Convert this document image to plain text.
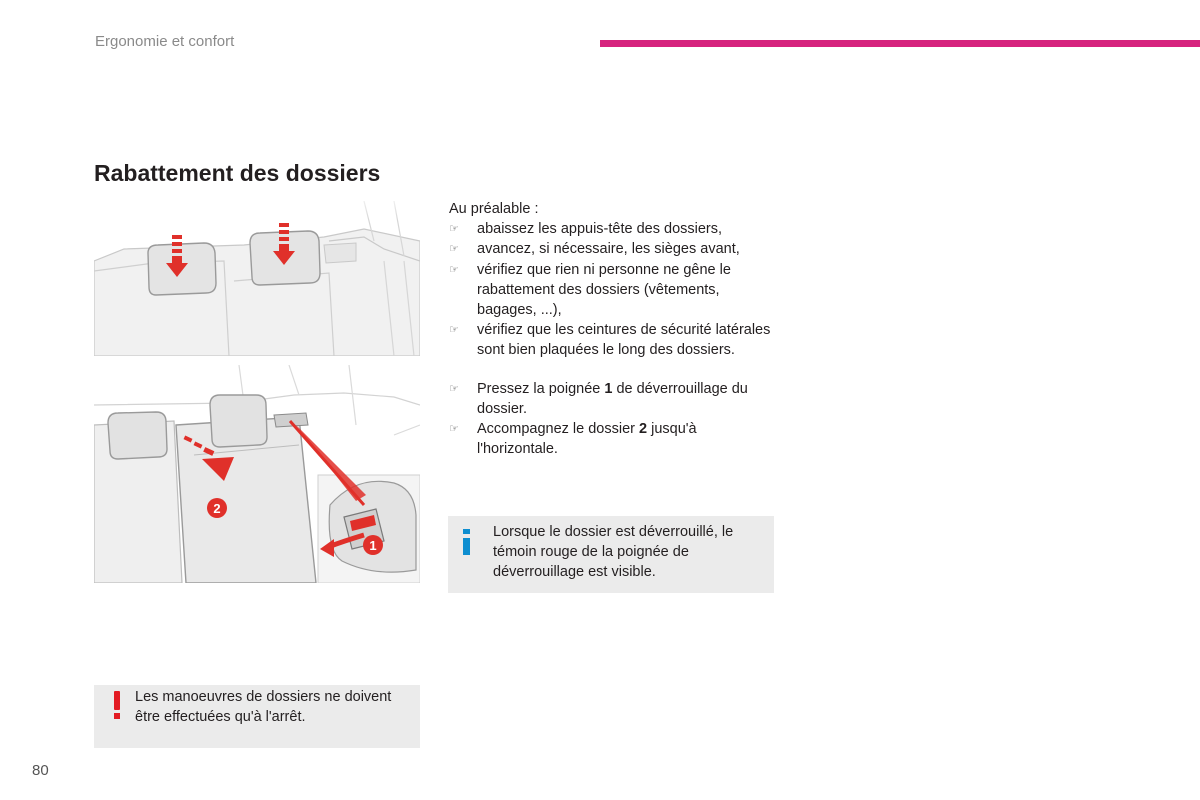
Ergonomie et confort
Rabattement des dossiers
2
1

Au préalable :

☞ abaissez les appuis-tête des dossiers,
☞ avancez, si nécessaire, les sièges avant,
☞ vérifiez que rien ni personne ne gêne le rabattement des dossiers (vêtements, bagages, ...),
☞ vérifiez que les ceintures de sécurité latérales sont bien plaquées le long des dossiers.
☞ Pressez la poignée 1 de déverrouillage du dossier.
☞ Accompagnez le dossier 2 jusqu'à l'horizontale.
Lorsque le dossier est déverrouillé, le témoin rouge de la poignée de déverrouillage est visible.
Les manoeuvres de dossiers ne doivent être effectuées qu'à l'arrêt.
80
